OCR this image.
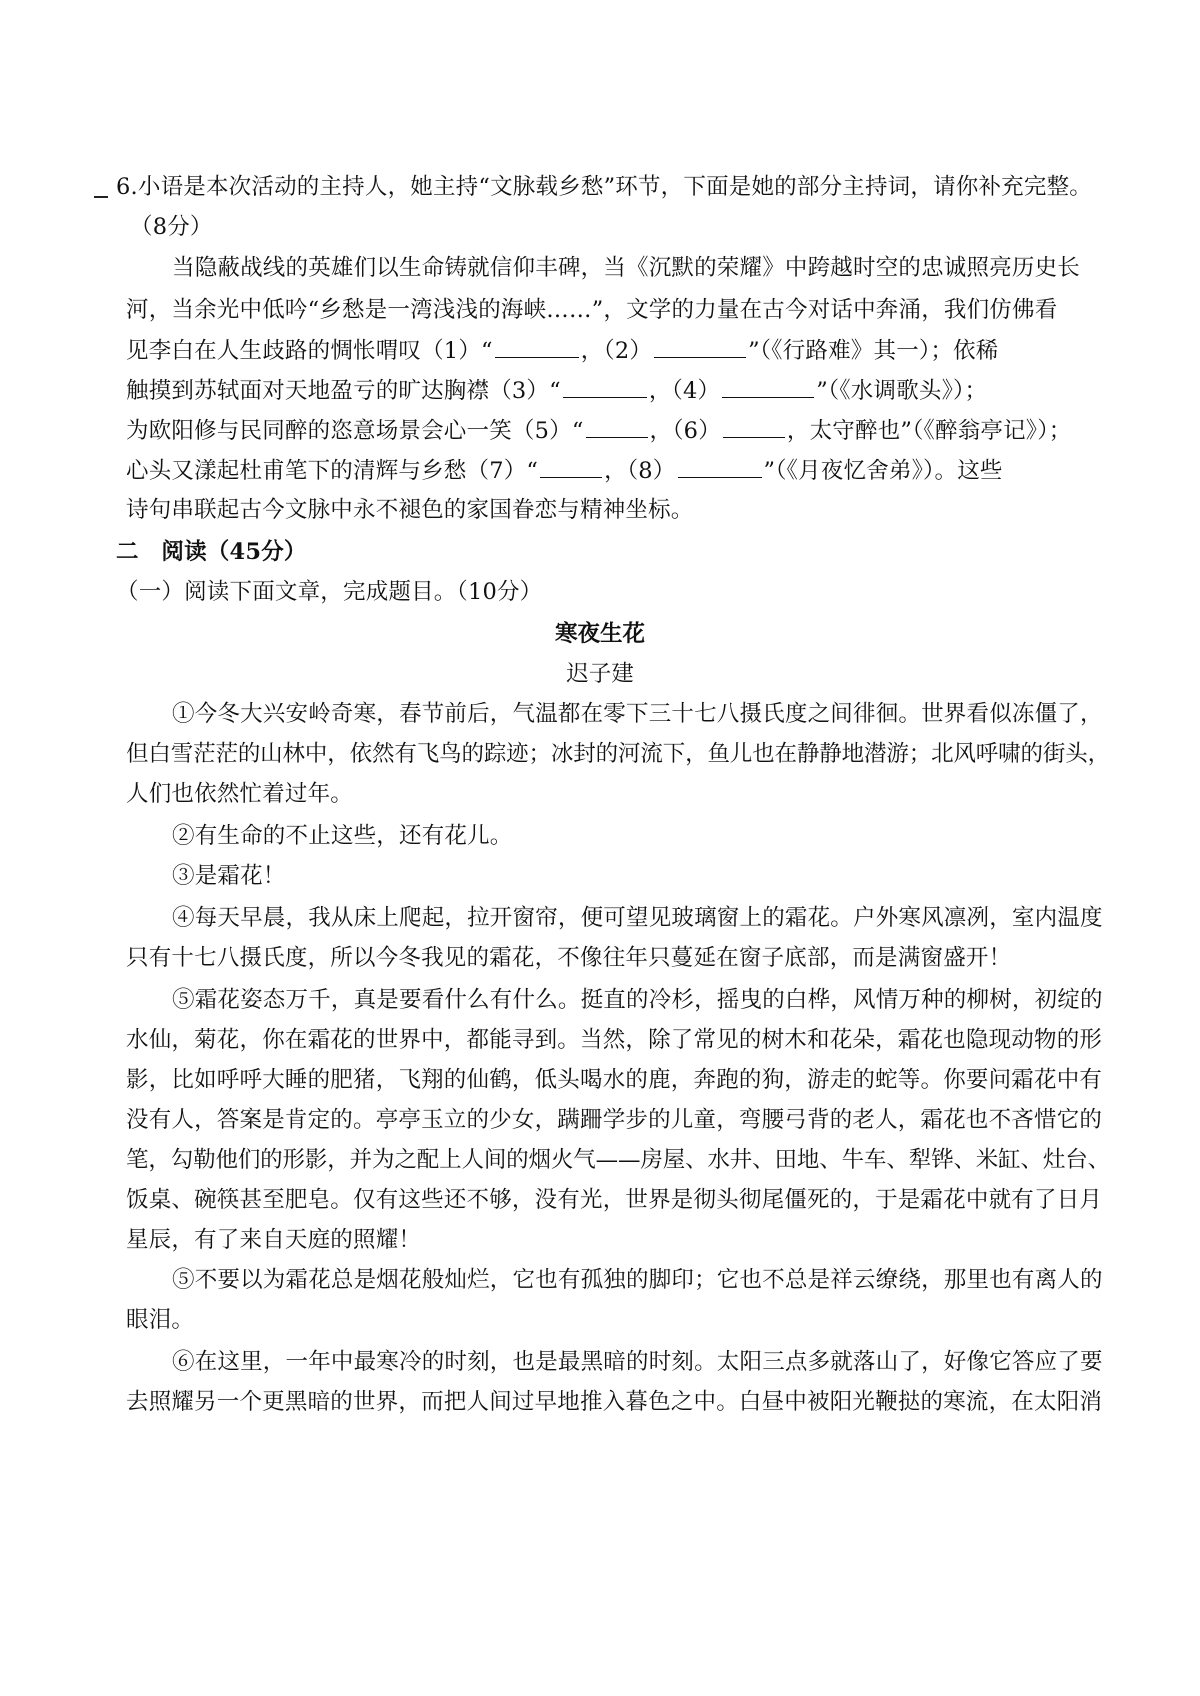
6.小语是本次活动的主持人，她主持“文脉载乡愁”环节，下面是她的部分主持词，请你补充完整。
（8分）
当隐蔽战线的英雄们以生命铸就信仰丰碑，当《沉默的荣耀》中跨越时空的忠诚照亮历史长
河，当余光中低吟“乡愁是一湾浅浅的海峡……”，文学的力量在古今对话中奔涌，我们仿佛看
见李白在人生歧路的惆怅喟叹（1）“	，（2）	”（《行路难》其一）；依稀
触摸到苏轼面对天地盈亏的旷达胸襟（3）“	，（4）	”（《水调歌头》）；
为欧阳修与民同醉的恣意场景会心一笑（5）“	，（6）	，太守醉也”（《醉翁亭记》）；
心头又漾起杜甫笔下的清辉与乡愁（7）“	，（8）	”（《月夜忆舍弟》）。这些
诗句串联起古今文脉中永不褪色的家国眷恋与精神坐标。
二　阅读（45分）
（一）阅读下面文章，完成题目。（10分）
寒夜生花
迟子建
①今冬大兴安岭奇寒，春节前后，气温都在零下三十七八摄氏度之间徘徊。世界看似冻僵了，
但白雪茫茫的山林中，依然有飞鸟的踪迹；冰封的河流下，鱼儿也在静静地潜游；北风呼啸的街头，
人们也依然忙着过年。
②有生命的不止这些，还有花儿。
③是霜花！
④每天早晨，我从床上爬起，拉开窗帘，便可望见玻璃窗上的霜花。户外寒风凛冽，室内温度
只有十七八摄氏度，所以今冬我见的霜花，不像往年只蔓延在窗子底部，而是满窗盛开！
⑤霜花姿态万千，真是要看什么有什么。挺直的冷杉，摇曳的白桦，风情万种的柳树，初绽的
水仙，菊花，你在霜花的世界中，都能寻到。当然，除了常见的树木和花朵，霜花也隐现动物的形
影，比如呼呼大睡的肥猪，飞翔的仙鹤，低头喝水的鹿，奔跑的狗，游走的蛇等。你要问霜花中有
没有人，答案是肯定的。亭亭玉立的少女，蹒跚学步的儿童，弯腰弓背的老人，霜花也不吝惜它的
笔，勾勒他们的形影，并为之配上人间的烟火气——房屋、水井、田地、牛车、犁铧、米缸、灶台、
饭桌、碗筷甚至肥皂。仅有这些还不够，没有光，世界是彻头彻尾僵死的，于是霜花中就有了日月
星辰，有了来自天庭的照耀！
⑤不要以为霜花总是烟花般灿烂，它也有孤独的脚印；它也不总是祥云缭绕，那里也有离人的
眼泪。
⑥在这里，一年中最寒冷的时刻，也是最黑暗的时刻。太阳三点多就落山了，好像它答应了要
去照耀另一个更黑暗的世界，而把人间过早地推入暮色之中。白昼中被阳光鞭挞的寒流，在太阳消
